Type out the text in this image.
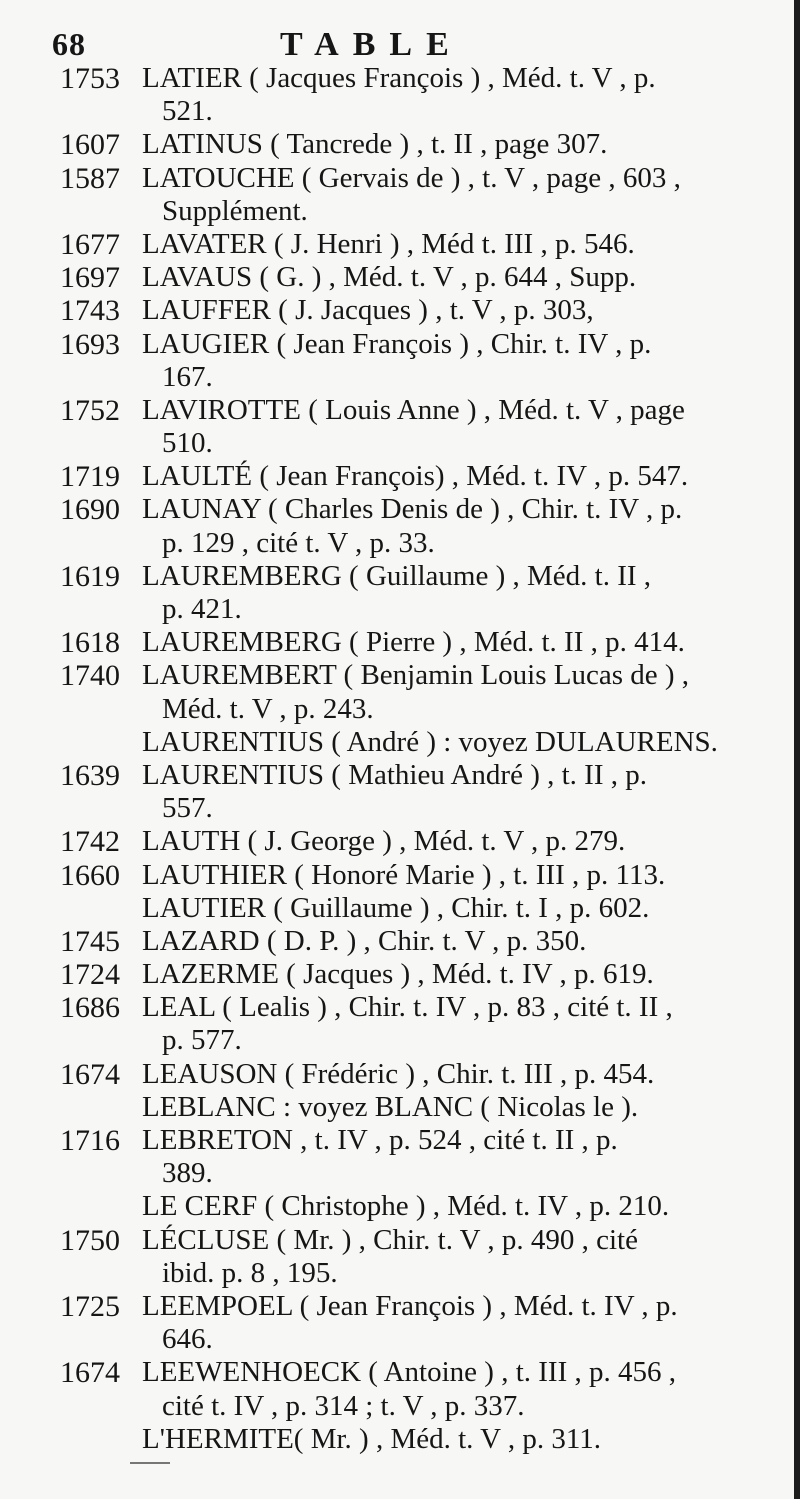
68	TABLE
1753 LATIER ( Jacques François ) , Méd. t. V , p.
521.
1607 LATINUS ( Tancrede ) , t. II , page 307.
1587 LATOUCHE ( Gervais de ) , t. V , page , 603 ,
Supplément.
1677 LAVATER ( J. Henri ) , Méd t. III , p. 546.
1697 LAVAUS ( G. ) , Méd. t. V , p. 644 , Supp.
1743 LAUFFER ( J. Jacques ) , t. V , p. 303,
1693 LAUGIER ( Jean François ) , Chir. t. IV , p.
167.
1752 LAVIROTTE ( Louis Anne ) , Méd. t. V , page
510.
1719 LAULTÉ ( Jean François) , Méd. t. IV , p. 547.
1690 LAUNAY ( Charles Denis de ) , Chir. t. IV , p.
p. 129 , cité t. V , p. 33.
1619 LAUREMBERG ( Guillaume ) , Méd. t. II ,
p. 421.
1618 LAUREMBERG ( Pierre ) , Méd. t. II , p. 414.
1740 LAUREMBERT ( Benjamin Louis Lucas de ) ,
Méd. t. V , p. 243.
LAURENTIUS ( André ) : voyez DULAURENS.
1639 LAURENTIUS ( Mathieu André ) , t. II , p.
557.
1742 LAUTH ( J. George ) , Méd. t. V , p. 279.
1660 LAUTHIER ( Honoré Marie ) , t. III , p. 113.
LAUTIER ( Guillaume ) , Chir. t. I , p. 602.
1745 LAZARD ( D. P. ) , Chir. t. V , p. 350.
1724 LAZERME ( Jacques ) , Méd. t. IV , p. 619.
1686 LEAL ( Lealis ) , Chir. t. IV , p. 83 , cité t. II ,
p. 577.
1674 LEAUSON ( Frédéric ) , Chir. t. III , p. 454.
LEBLANC : voyez BLANC ( Nicolas le ).
1716 LEBRETON , t. IV , p. 524 , cité t. II , p.
389.
LE CERF ( Christophe ) , Méd. t. IV , p. 210.
1750 LÉCLUSE ( Mr. ) , Chir. t. V , p. 490 , cité
ibid. p. 8 , 195.
1725 LEEMPOEL ( Jean François ) , Méd. t. IV , p.
646.
1674 LEEWENHOECK ( Antoine ) , t. III , p. 456 ,
cité t. IV , p. 314 ; t. V , p. 337.
L'HERMITE( Mr. ) , Méd. t. V , p. 311.
